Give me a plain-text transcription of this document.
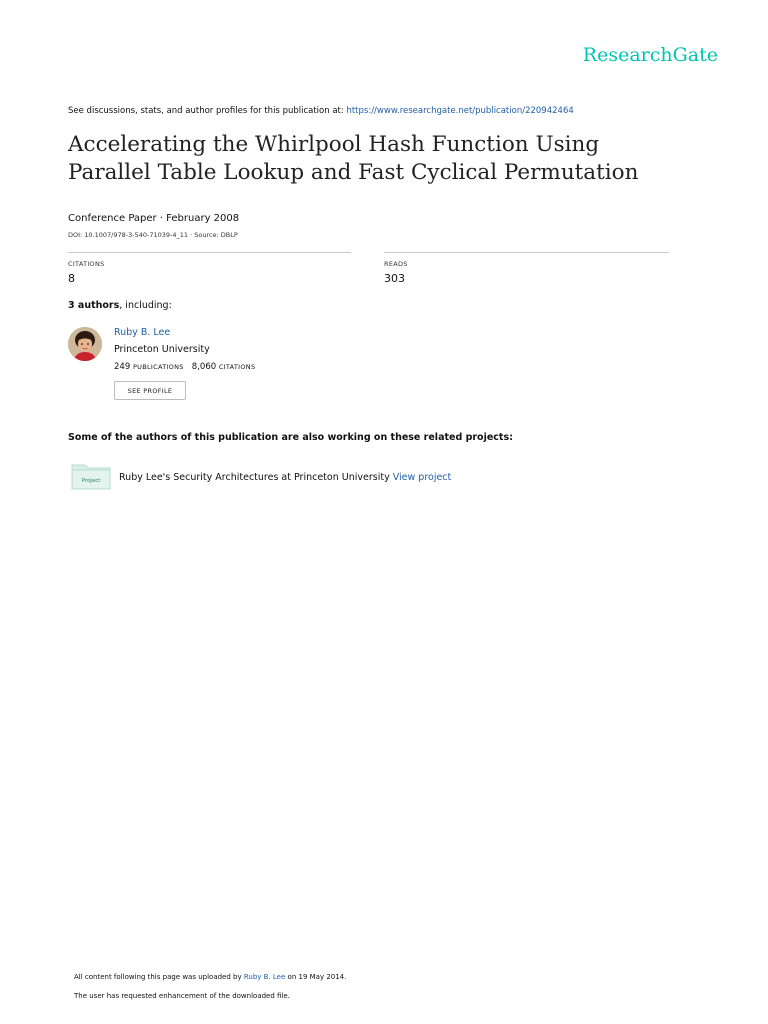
ResearchGate
See discussions, stats, and author profiles for this publication at: https://www.researchgate.net/publication/220942464
Accelerating the Whirlpool Hash Function Using
Parallel Table Lookup and Fast Cyclical Permutation
Conference Paper · February 2008
DOI: 10.1007/978-3-540-71039-4_11 · Source: DBLP
CITATIONS
8
READS
303
3 authors, including:
Ruby B. Lee
Princeton University
249 PUBLICATIONS 8,060 CITATIONS
SEE PROFILE
Some of the authors of this publication are also working on these related projects:
Project Ruby Lee's Security Architectures at Princeton University View project
All content following this page was uploaded by Ruby B. Lee on 19 May 2014.
The user has requested enhancement of the downloaded file.
